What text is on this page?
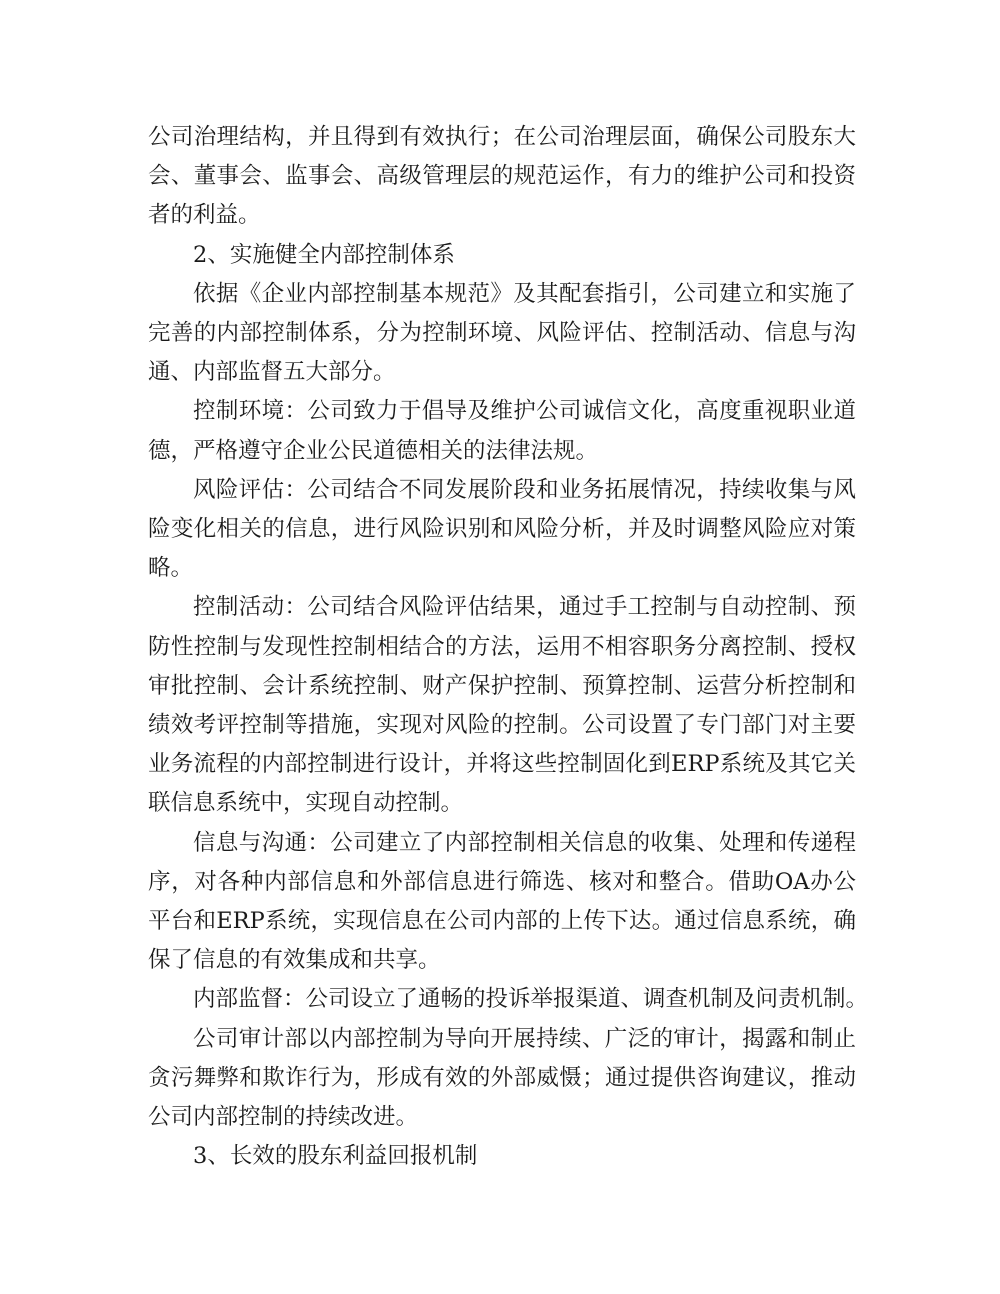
公司治理结构，并且得到有效执行；在公司治理层面，确保公司股东大
会、董事会、监事会、高级管理层的规范运作，有力的维护公司和投资
者的利益。

2、实施健全内部控制体系

依据《企业内部控制基本规范》及其配套指引，公司建立和实施了
完善的内部控制体系，分为控制环境、风险评估、控制活动、信息与沟
通、内部监督五大部分。

控制环境：公司致力于倡导及维护公司诚信文化，高度重视职业道
德，严格遵守企业公民道德相关的法律法规。

风险评估：公司结合不同发展阶段和业务拓展情况，持续收集与风
险变化相关的信息，进行风险识别和风险分析，并及时调整风险应对策
略。

控制活动：公司结合风险评估结果，通过手工控制与自动控制、预
防性控制与发现性控制相结合的方法，运用不相容职务分离控制、授权
审批控制、会计系统控制、财产保护控制、预算控制、运营分析控制和
绩效考评控制等措施，实现对风险的控制。公司设置了专门部门对主要
业务流程的内部控制进行设计，并将这些控制固化到ERP系统及其它关
联信息系统中，实现自动控制。

信息与沟通：公司建立了内部控制相关信息的收集、处理和传递程
序，对各种内部信息和外部信息进行筛选、核对和整合。借助OA办公
平台和ERP系统，实现信息在公司内部的上传下达。通过信息系统，确
保了信息的有效集成和共享。

内部监督：公司设立了通畅的投诉举报渠道、调查机制及问责机制。

公司审计部以内部控制为导向开展持续、广泛的审计，揭露和制止
贪污舞弊和欺诈行为，形成有效的外部威慑；通过提供咨询建议，推动
公司内部控制的持续改进。

3、长效的股东利益回报机制
